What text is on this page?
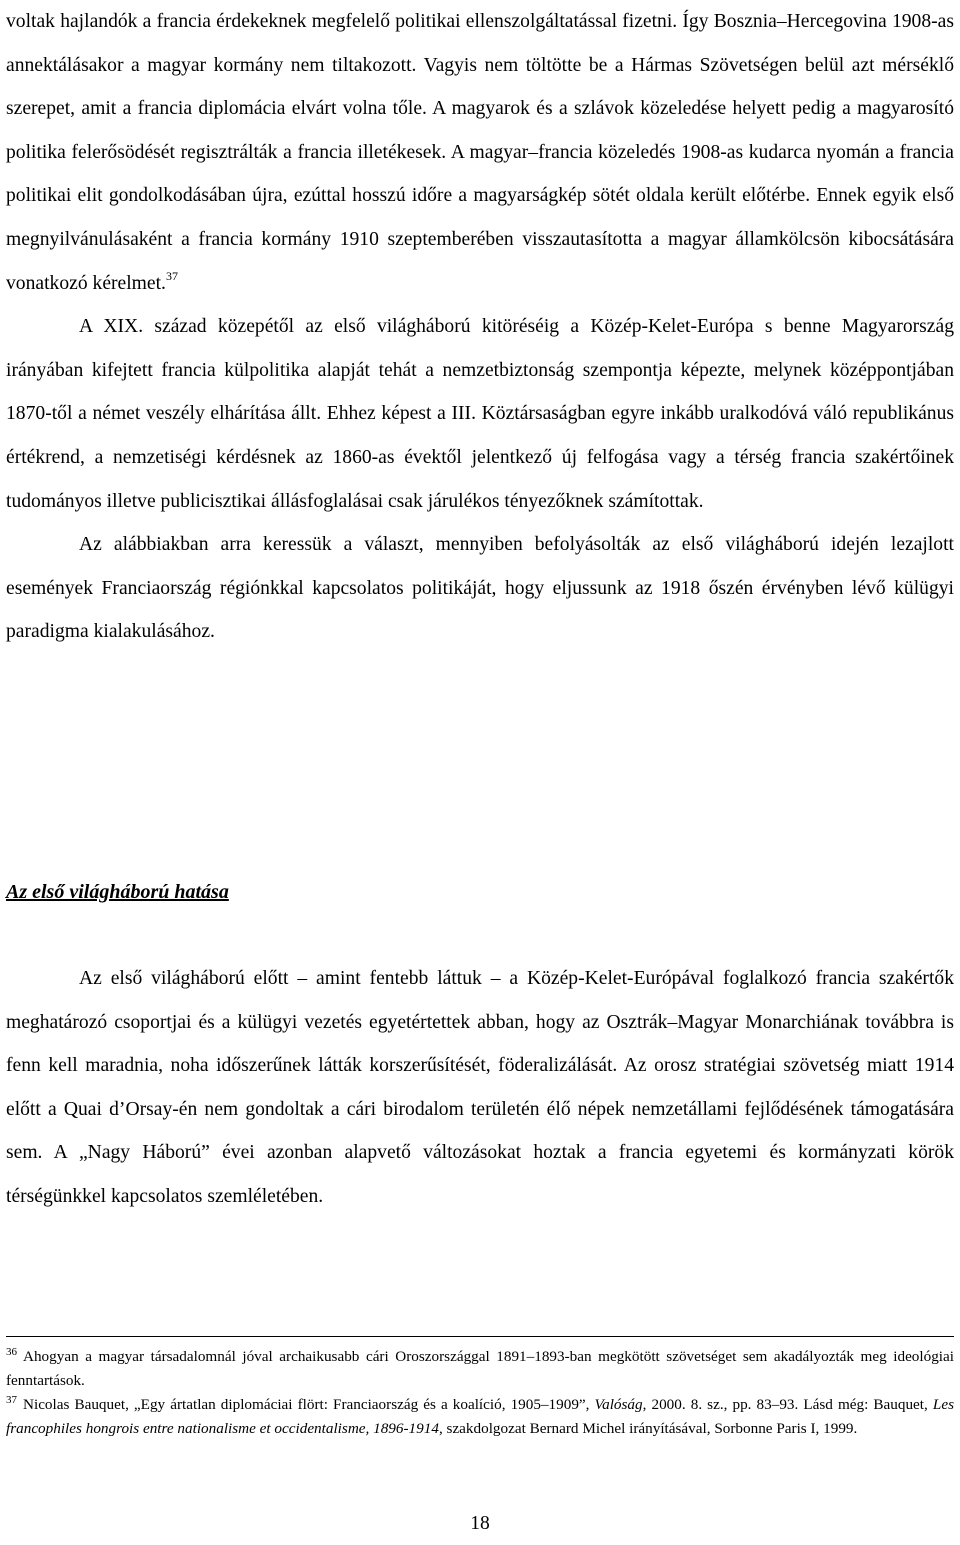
voltak hajlandók a francia érdekeknek megfelelő politikai ellenszolgáltatással fizetni. Így Bosznia–Hercegovina 1908-as annektálásakor a magyar kormány nem tiltakozott. Vagyis nem töltötte be a Hármas Szövetségen belül azt mérséklő szerepet, amit a francia diplomácia elvárt volna tőle. A magyarok és a szlávok közeledése helyett pedig a magyarosító politika felerősödését regisztrálták a francia illetékesek. A magyar–francia közeledés 1908-as kudarca nyomán a francia politikai elit gondolkodásában újra, ezúttal hosszú időre a magyarságkép sötét oldala került előtérbe. Ennek egyik első megnyilvánulásaként a francia kormány 1910 szeptemberében visszautasította a magyar államkölcsön kibocsátására vonatkozó kérelmet.$^{37}$

A XIX. század közepétől az első világháború kitöréséig a Közép-Kelet-Európa s benne Magyarország irányában kifejtett francia külpolitika alapját tehát a nemzetbiztonság szempontja képezte, melynek középpontjában 1870-től a német veszély elhárítása állt. Ehhez képest a III. Köztársaságban egyre inkább uralkodóvá váló republikánus értékrend, a nemzetiségi kérdésnek az 1860-as évektől jelentkező új felfogása vagy a térség francia szakértőinek tudományos illetve publicisztikai állásfoglalásai csak járulékos tényezőknek számítottak.

Az alábbiakban arra keressük a választ, mennyiben befolyásolták az első világháború idején lezajlott események Franciaország régiónkkal kapcsolatos politikáját, hogy eljussunk az 1918 őszén érvényben lévő külügyi paradigma kialakulásához.

Az első világháború hatása

Az első világháború előtt – amint fentebb láttuk – a Közép-Kelet-Európával foglalkozó francia szakértők meghatározó csoportjai és a külügyi vezetés egyetértettek abban, hogy az Osztrák–Magyar Monarchiának továbbra is fenn kell maradnia, noha időszerűnek látták korszerűsítését, föderalizálását. Az orosz stratégiai szövetség miatt 1914 előtt a Quai d’Orsay-én nem gondoltak a cári birodalom területén élő népek nemzetállami fejlődésének támogatására sem. A „Nagy Háború” évei azonban alapvető változásokat hoztak a francia egyetemi és kormányzati körök térségünkkel kapcsolatos szemléletében.

$^{36}$ Ahogyan a magyar társadalomnál jóval archaikusabb cári Oroszországgal 1891–1893-ban megkötött szövetséget sem akadályozták meg ideológiai fenntartások.

$^{37}$ Nicolas Bauquet, „Egy ártatlan diplomáciai flört: Franciaország és a koalíció, 1905–1909”, Valóság, 2000. 8. sz., pp. 83–93. Lásd még: Bauquet, Les francophiles hongrois entre nationalisme et occidentalisme, 1896-1914, szakdolgozat Bernard Michel irányításával, Sorbonne Paris I, 1999.

18
